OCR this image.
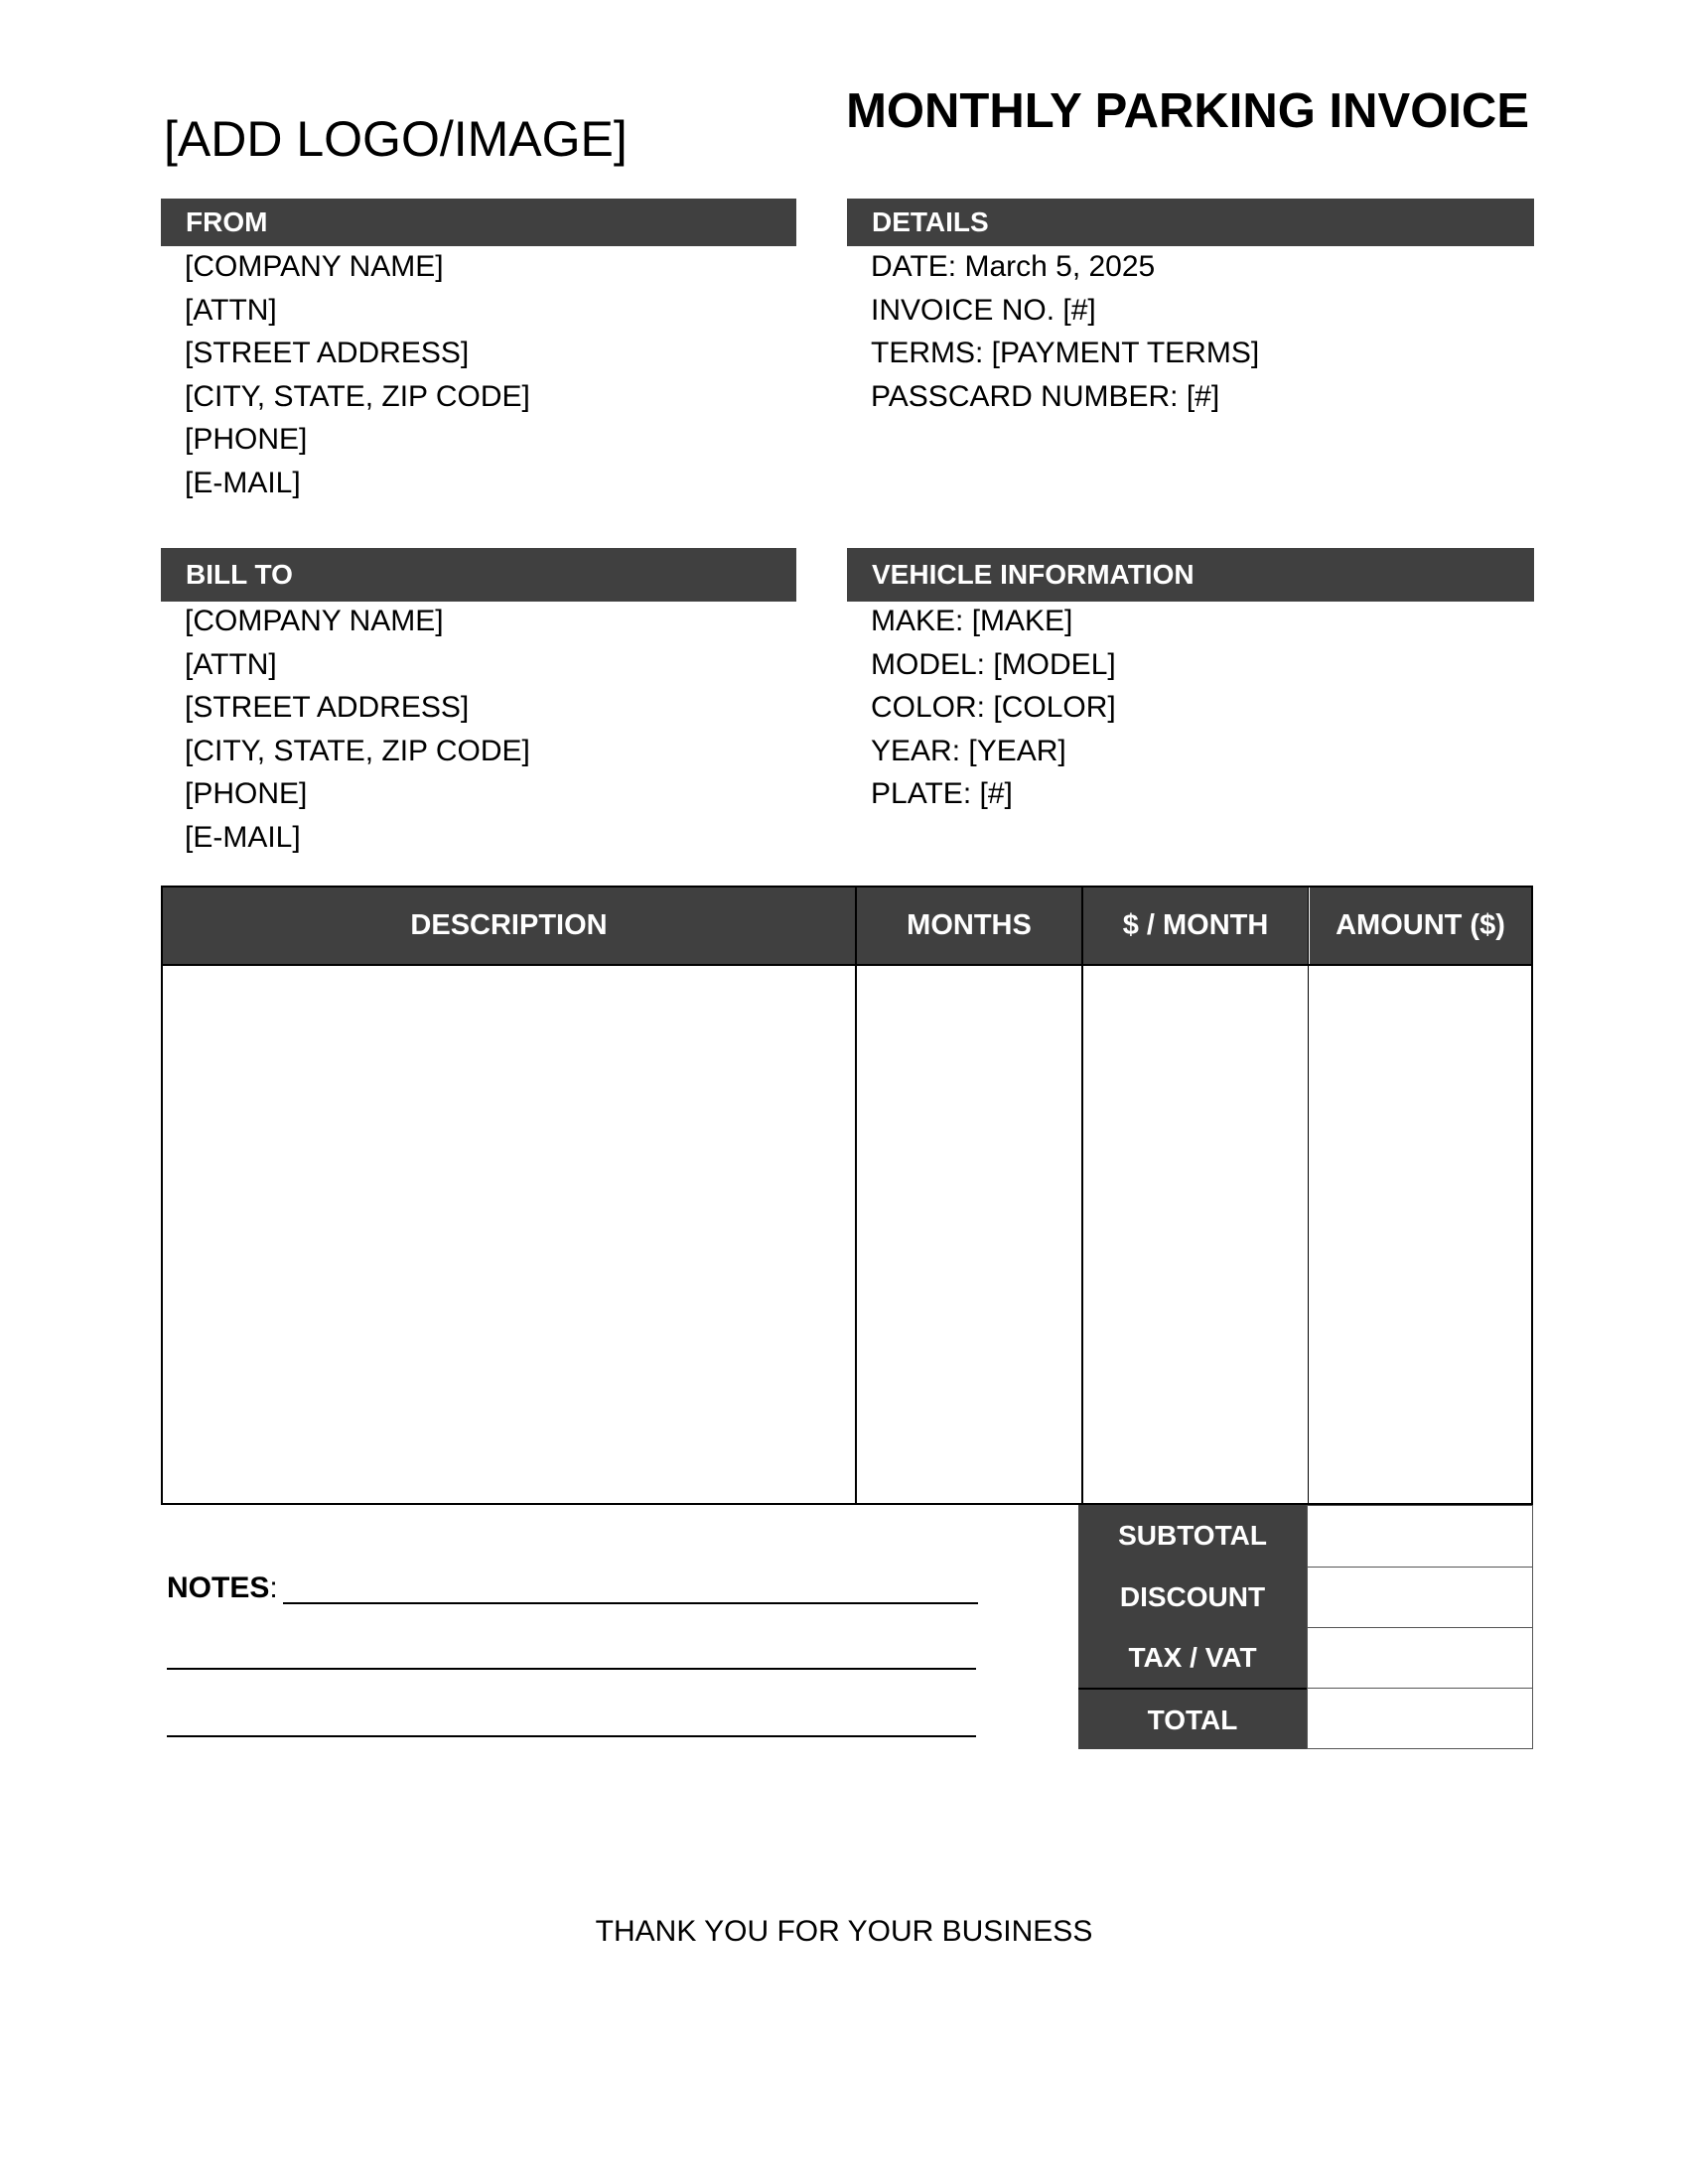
[ADD LOGO/IMAGE]	MONTHLY PARKING INVOICE
FROM
[COMPANY NAME]
[ATTN]
[STREET ADDRESS]
[CITY, STATE, ZIP CODE]
[PHONE]
[E-MAIL]
DETAILS
DATE: March 5, 2025
INVOICE NO. [#]
TERMS: [PAYMENT TERMS]
PASSCARD NUMBER: [#]
BILL TO
[COMPANY NAME]
[ATTN]
[STREET ADDRESS]
[CITY, STATE, ZIP CODE]
[PHONE]
[E-MAIL]
VEHICLE INFORMATION
MAKE: [MAKE]
MODEL: [MODEL]
COLOR: [COLOR]
YEAR: [YEAR]
PLATE: [#]
DESCRIPTION	MONTHS	$ / MONTH	AMOUNT ($)
SUBTOTAL
DISCOUNT
TAX / VAT
TOTAL
NOTES:
THANK YOU FOR YOUR BUSINESS
